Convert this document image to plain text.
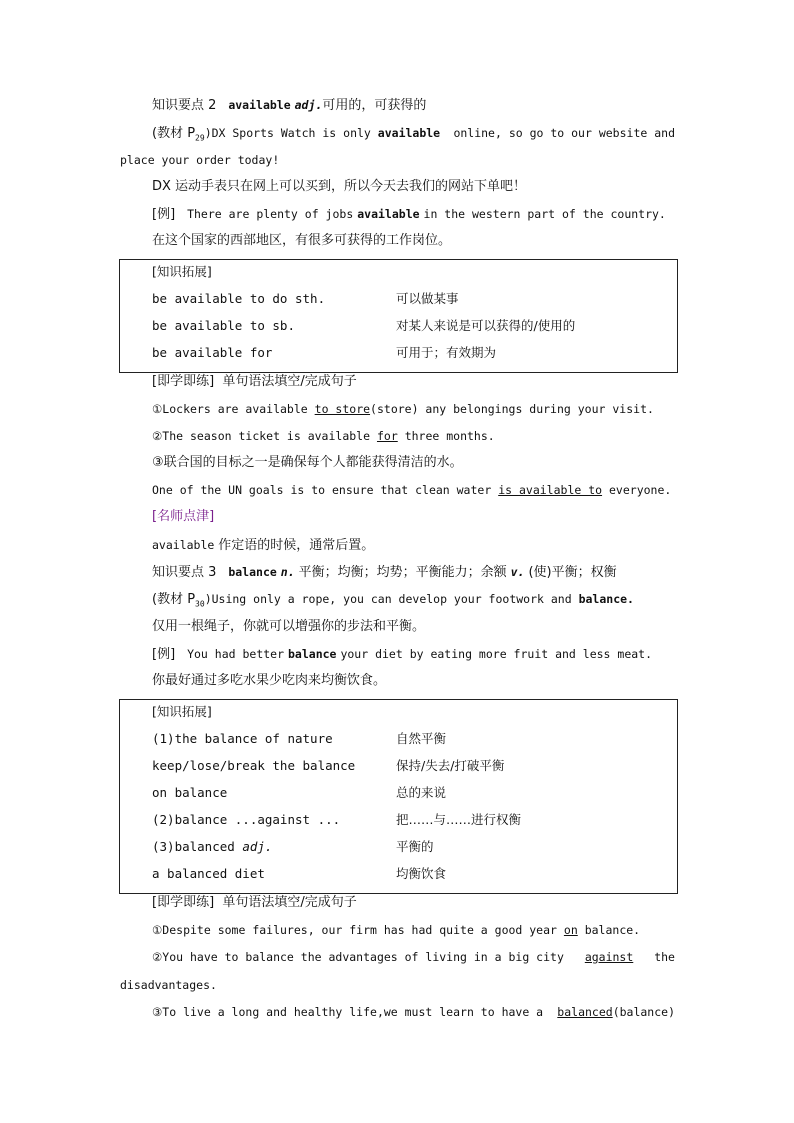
知识要点 2 available adj.可用的，可获得的
(教材 $P_{29})DX$ Sports Watch is only available online, so go to our website and
place your order today!
DX 运动手表只在网上可以买到，所以今天去我们的网站下单吧！
[例] There are plenty of jobs available in the western part of the country.
在这个国家的西部地区，有很多可获得的工作岗位。
[知识拓展]
be available to do sth.	可以做某事
be available to sb.	对某人来说是可以获得的/使用的
be available for	可用于；有效期为
[即学即练] 单句语法填空/完成句子
①Lockers are available to store(store) any belongings during your visit.
②The season ticket is available for three months.
③联合国的目标之一是确保每个人都能获得清洁的水。
One of the UN goals is to ensure that clean water is available to everyone.
[名师点津]
available 作定语的时候，通常后置。
知识要点 3 balance n. 平衡；均衡；均势；平衡能力；余额 v. (使)平衡；权衡
(教材 $P_{30})Using$ only a rope, you can develop your footwork and balance.
仅用一根绳子，你就可以增强你的步法和平衡。
[例] You had better balance your diet by eating more fruit and less meat.
你最好通过多吃水果少吃肉来均衡饮食。
[知识拓展]
(1)the balance of nature	自然平衡
keep/lose/break the balance	保持/失去/打破平衡
on balance	总的来说
(2)balance ...against ...	把……与……进行权衡
(3)balanced adj.	平衡的
a balanced diet	均衡饮食
[即学即练] 单句语法填空/完成句子
①Despite some failures, our firm has had quite a good year on balance.
②You have to balance the advantages of living in a big city against the
disadvantages.
③To live a long and healthy life,we must learn to have a balanced(balance)
